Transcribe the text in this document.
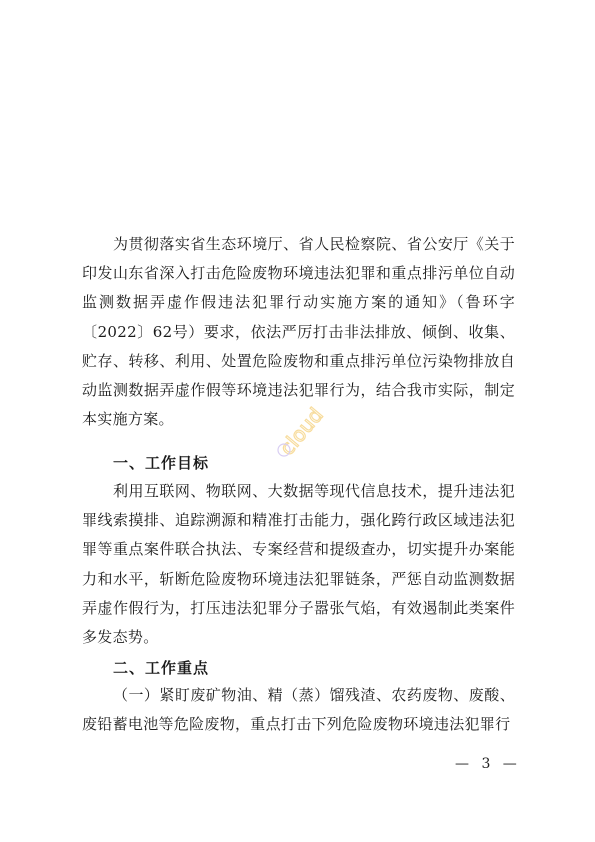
为贯彻落实省生态环境厅、省人民检察院、省公安厅《关于印发山东省深入打击危险废物环境违法犯罪和重点排污单位自动监测数据弄虚作假违法犯罪行动实施方案的通知》（鲁环字〔2022〕62号）要求，依法严厉打击非法排放、倾倒、收集、贮存、转移、利用、处置危险废物和重点排污单位污染物排放自动监测数据弄虚作假等环境违法犯罪行为，结合我市实际，制定本实施方案。	cloud

一、工作目标

利用互联网、物联网、大数据等现代信息技术，提升违法犯罪线索摸排、追踪溯源和精准打击能力，强化跨行政区域违法犯罪等重点案件联合执法、专案经营和提级查办，切实提升办案能力和水平，斩断危险废物环境违法犯罪链条，严惩自动监测数据弄虚作假行为，打压违法犯罪分子嚣张气焰，有效遏制此类案件多发态势。

二、工作重点

（一）紧盯废矿物油、精（蒸）馏残渣、农药废物、废酸、废铅蓄电池等危险废物，重点打击下列危险废物环境违法犯罪行

— 3 —
